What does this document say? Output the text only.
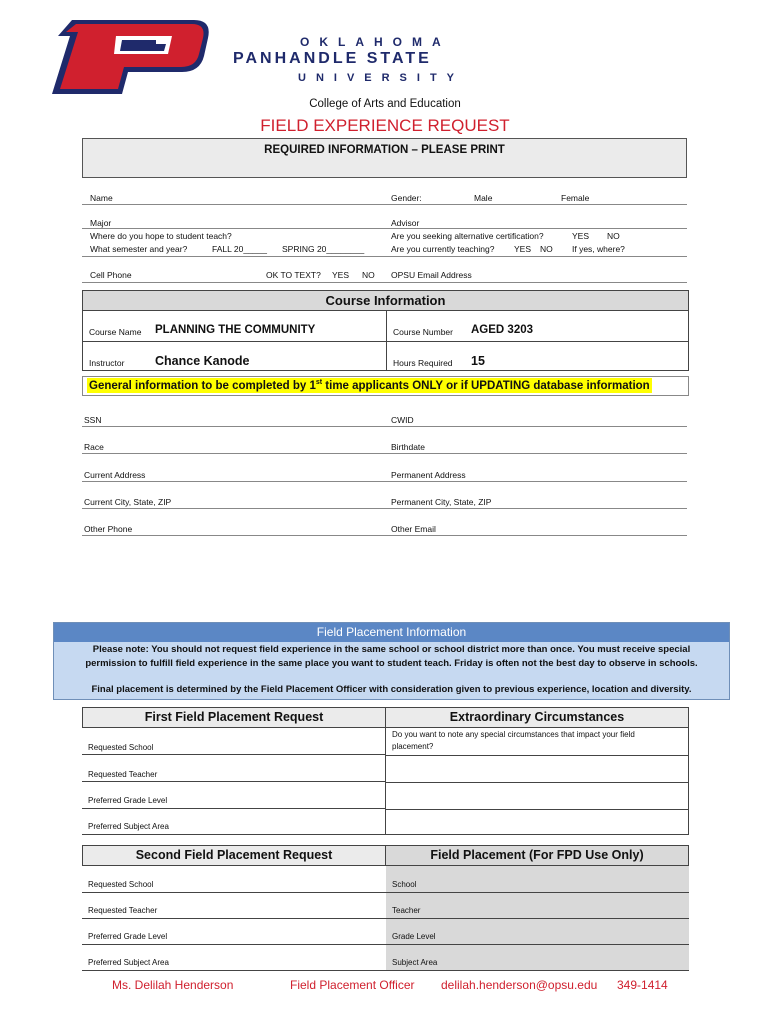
OKLAHOMA
PANHANDLE STATE
UNIVERSITY
College of Arts and Education
FIELD EXPERIENCE REQUEST
REQUIRED INFORMATION – PLEASE PRINT
Name	Gender:	Male	Female
Major	Advisor
Where do you hope to student teach?	Are you seeking alternative certification?	YES NO
What semester and year?	FALL 20_____ SPRING 20________	Are you currently teaching? YES NO If yes, where?
Cell Phone	OK TO TEXT? YES NO OPSU Email Address
Course Information
Course Name PLANNING THE COMMUNITY	Course Number AGED 3203
Instructor Chance Kanode	Hours Required 15
General information to be completed by 1st time applicants ONLY or if UPDATING database information
SSN	CWID
Race	Birthdate
Current Address	Permanent Address
Current City, State, ZIP	Permanent City, State, ZIP
Other Phone	Other Email
Field Placement Information
Please note: You should not request field experience in the same school or school district more than once. You must receive special
permission to fulfill field experience in the same place you want to student teach. Friday is often not the best day to observe in schools.
Final placement is determined by the Field Placement Officer with consideration given to previous experience, location and diversity.
First Field Placement Request	Extraordinary Circumstances
Do you want to note any special circumstances that impact your field
placement?
Requested School
Requested Teacher
Preferred Grade Level
Preferred Subject Area
Second Field Placement Request	Field Placement (For FPD Use Only)
Requested School	School
Requested Teacher	Teacher
Preferred Grade Level	Grade Level
Preferred Subject Area	Subject Area
Ms. Delilah Henderson	Field Placement Officer delilah.henderson@opsu.edu 349-1414
